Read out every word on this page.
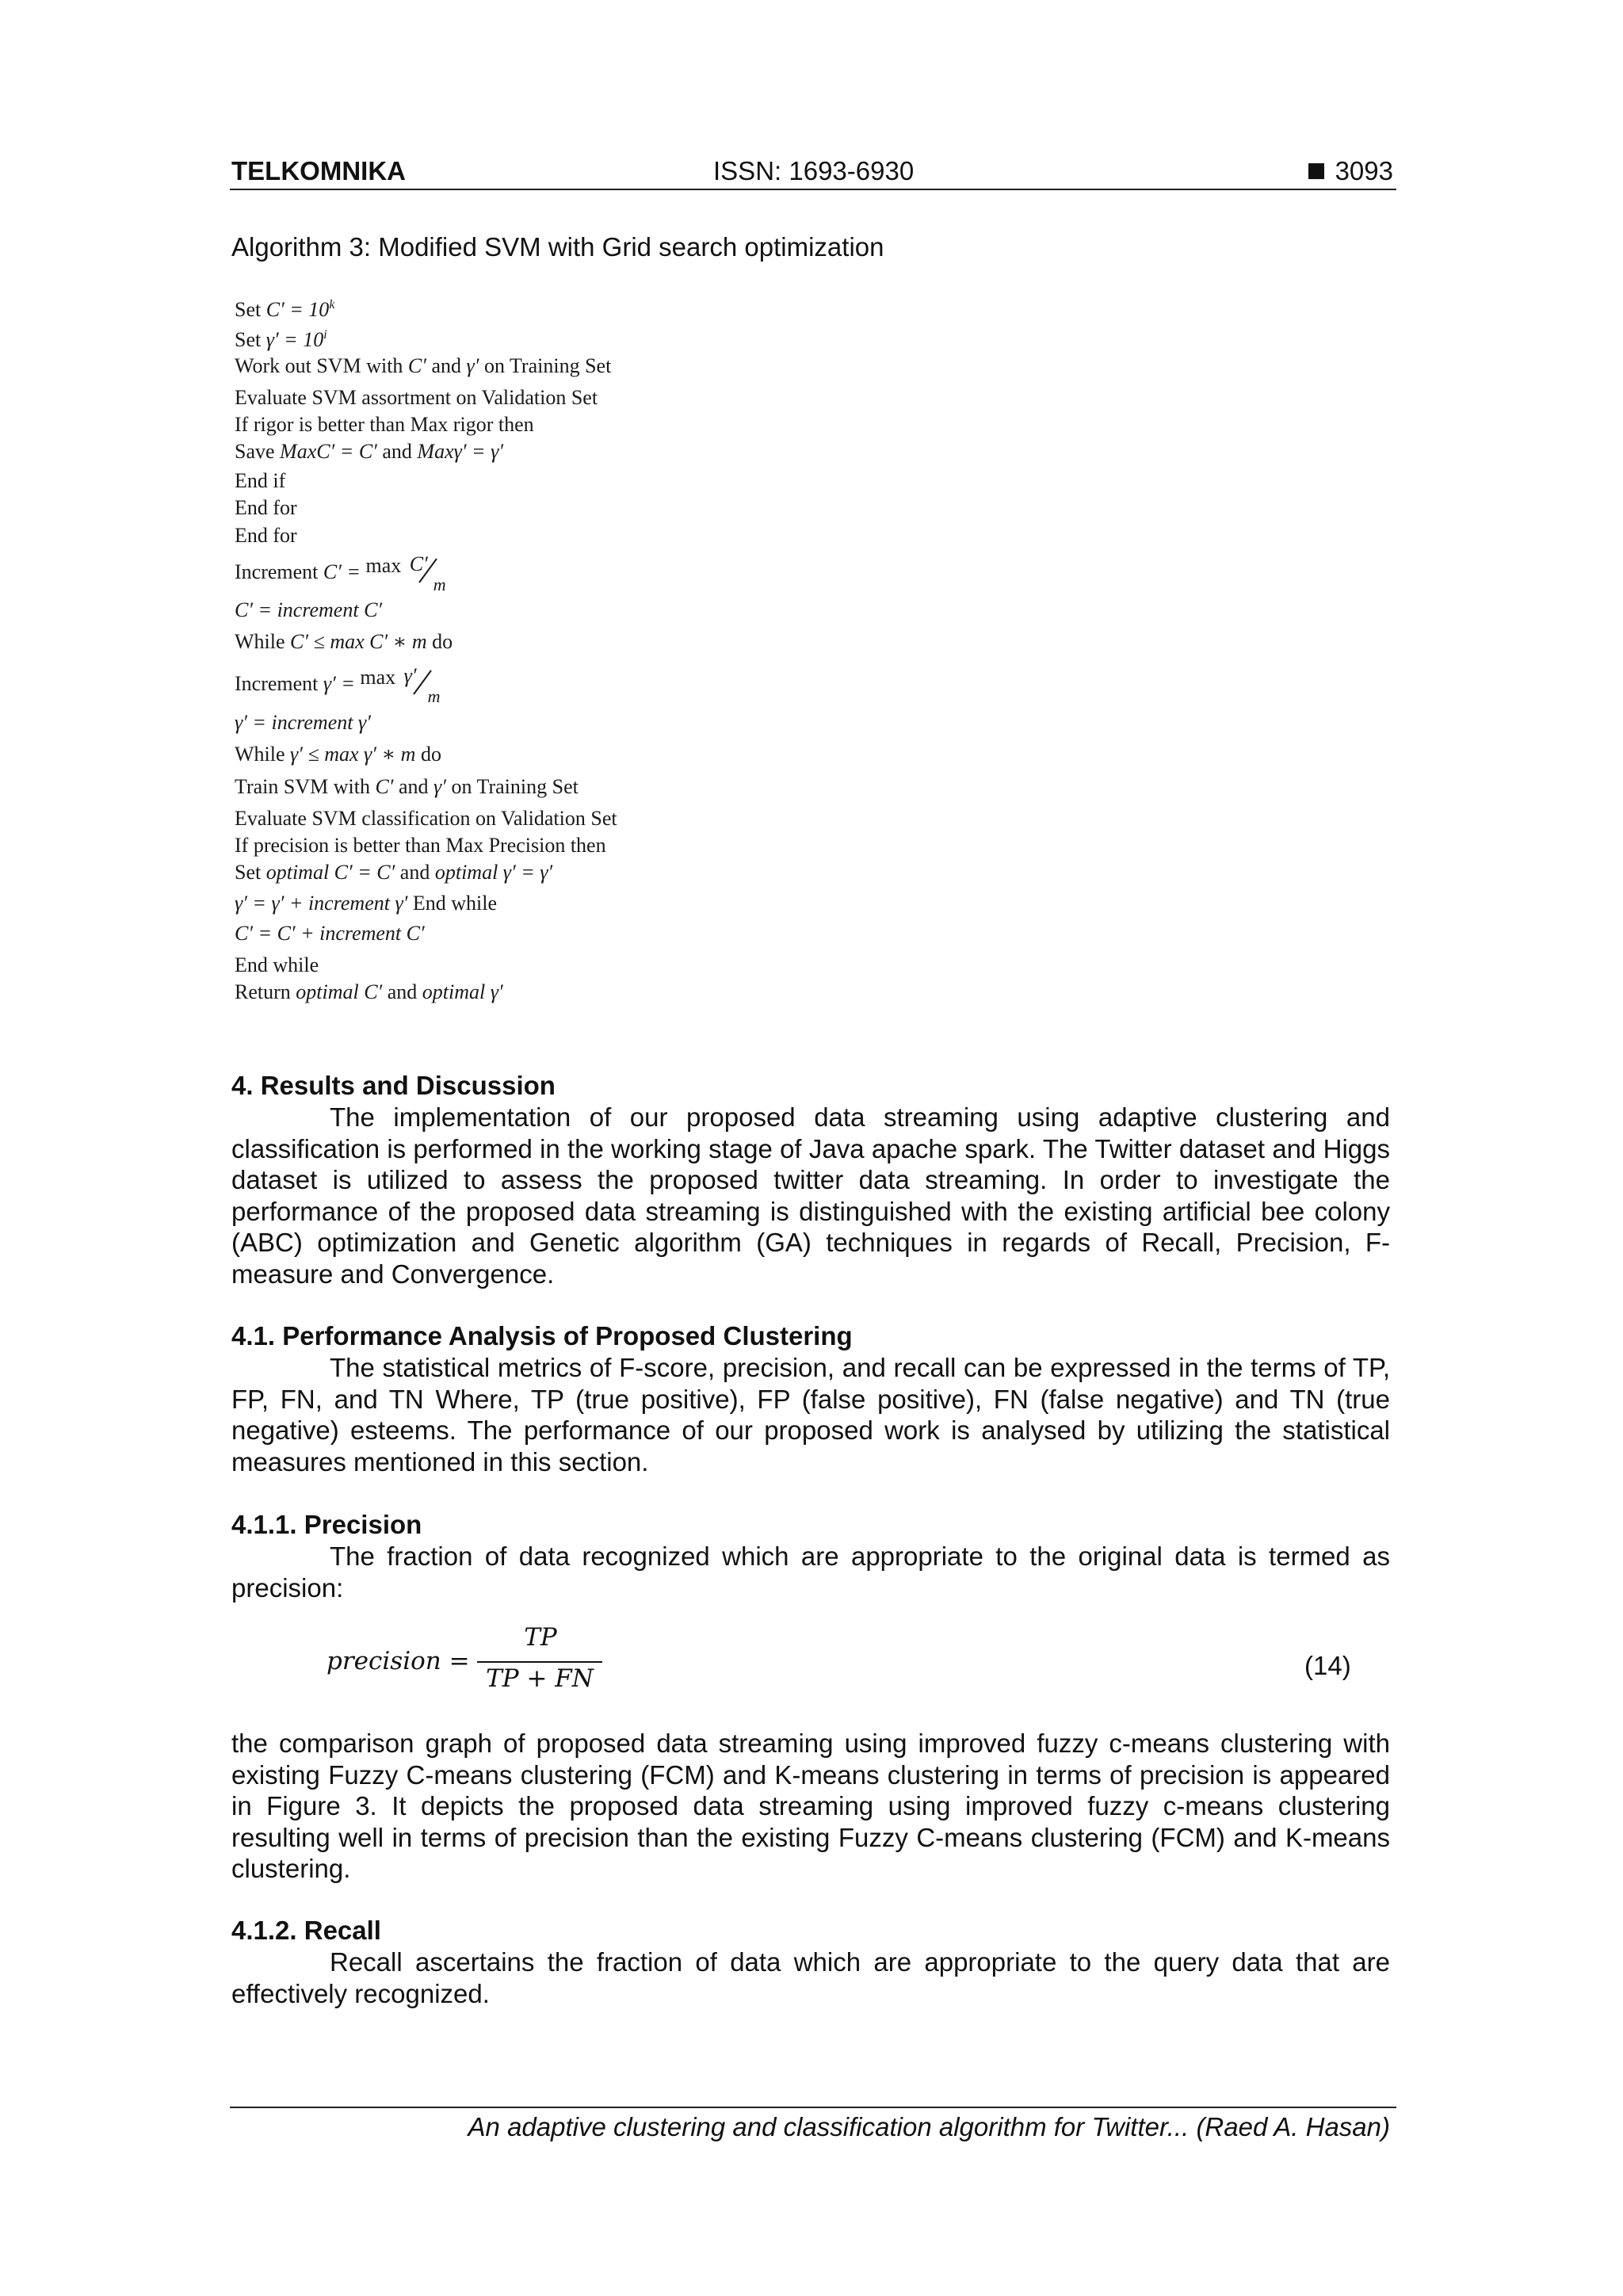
TELKOMNIKA	ISSN: 1693-6930	3093
Algorithm 3: Modified SVM with Grid search optimization
Set $C' = 10^k$
Set $\gamma' = 10^i$
Work out SVM with C′ and γ′ on Training Set
Evaluate SVM assortment on Validation Set
If rigor is better than Max rigor then
Save MaxC′ = C′ and Maxγ′ = γ′
End if
End for
End for
Increment C′ = max C′
m
C′ = increment C′
While C′ ≤ max C′ ∗ m do
Increment γ′ = max γ′
m
γ′ = increment γ′
While γ′ ≤ max γ′ ∗ m do
Train SVM with C′ and γ′ on Training Set
Evaluate SVM classification on Validation Set
If precision is better than Max Precision then
Set optimal C′ = C′ and optimal γ′ = γ′
γ′ = γ′ + increment γ′ End while
C′ = C′ + increment C′
End while
Return optimal C′ and optimal γ′
4. Results and Discussion
The implementation of our proposed data streaming using adaptive clustering and classification is performed in the working stage of Java apache spark. The Twitter dataset and Higgs dataset is utilized to assess the proposed twitter data streaming. In order to investigate the performance of the proposed data streaming is distinguished with the existing artificial bee colony (ABC) optimization and Genetic algorithm (GA) techniques in regards of Recall, Precision, F-measure and Convergence.
4.1. Performance Analysis of Proposed Clustering
The statistical metrics of F-score, precision, and recall can be expressed in the terms of TP, FP, FN, and TN Where, TP (true positive), FP (false positive), FN (false negative) and TN (true negative) esteems. The performance of our proposed work is analysed by utilizing the statistical measures mentioned in this section.
4.1.1. Precision
The fraction of data recognized which are appropriate to the original data is termed as precision:
precision =
TP
TP + FN	(14)
the comparison graph of proposed data streaming using improved fuzzy c-means clustering with existing Fuzzy C-means clustering (FCM) and K-means clustering in terms of precision is appeared in Figure 3. It depicts the proposed data streaming using improved fuzzy c-means clustering resulting well in terms of precision than the existing Fuzzy C-means clustering (FCM) and K-means clustering.
4.1.2. Recall
Recall ascertains the fraction of data which are appropriate to the query data that are effectively recognized.
An adaptive clustering and classification algorithm for Twitter... (Raed A. Hasan)
